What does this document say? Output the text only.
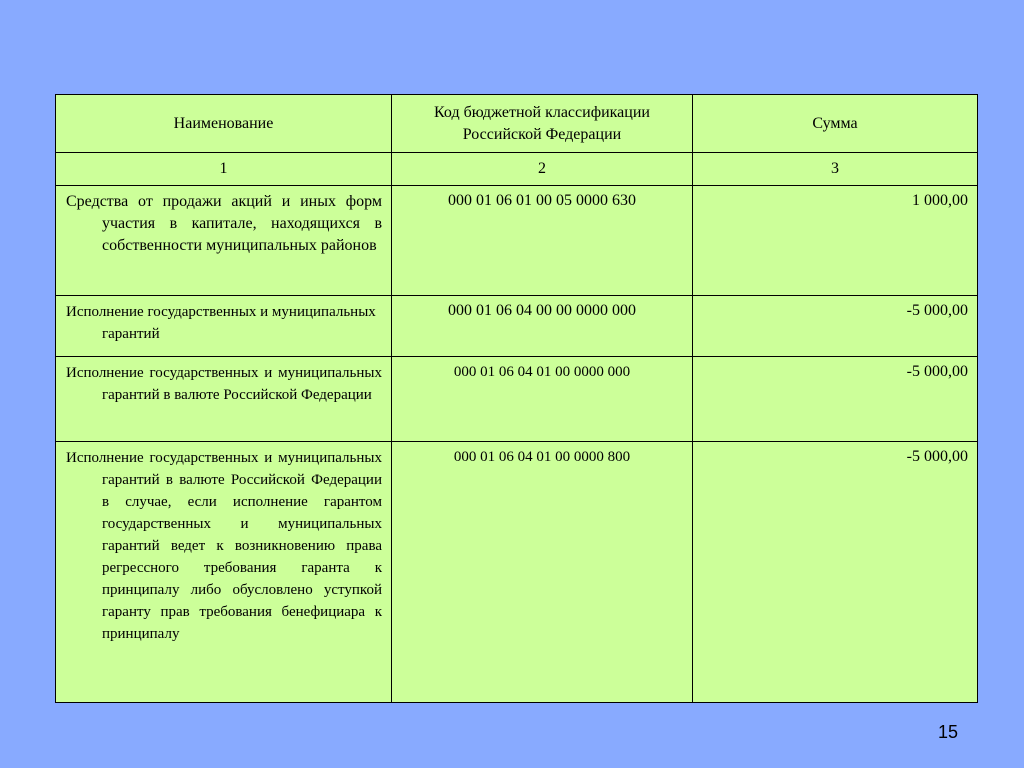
Наименование	Код бюджетной классификации Российской Федерации	Сумма
1	2	3

Средства от продажи акций и иных форм участия в капитале, находящихся в собственности муниципальных районов	000 01 06 01 00 05 0000 630	1 000,00

Исполнение государственных и муниципальных гарантий	000 01 06 04 00 00 0000 000	-5 000,00

Исполнение государственных и муниципальных гарантий в валюте Российской Федерации	000 01 06 04 01 00 0000 000	-5 000,00

Исполнение государственных и муниципальных гарантий в валюте Российской Федерации в случае, если исполнение гарантом государственных и муниципальных гарантий ведет к возникновению права регрессного требования гаранта к принципалу либо обусловлено уступкой гаранту прав требования бенефициара к принципалу	000 01 06 04 01 00 0000 800	-5 000,00
15
